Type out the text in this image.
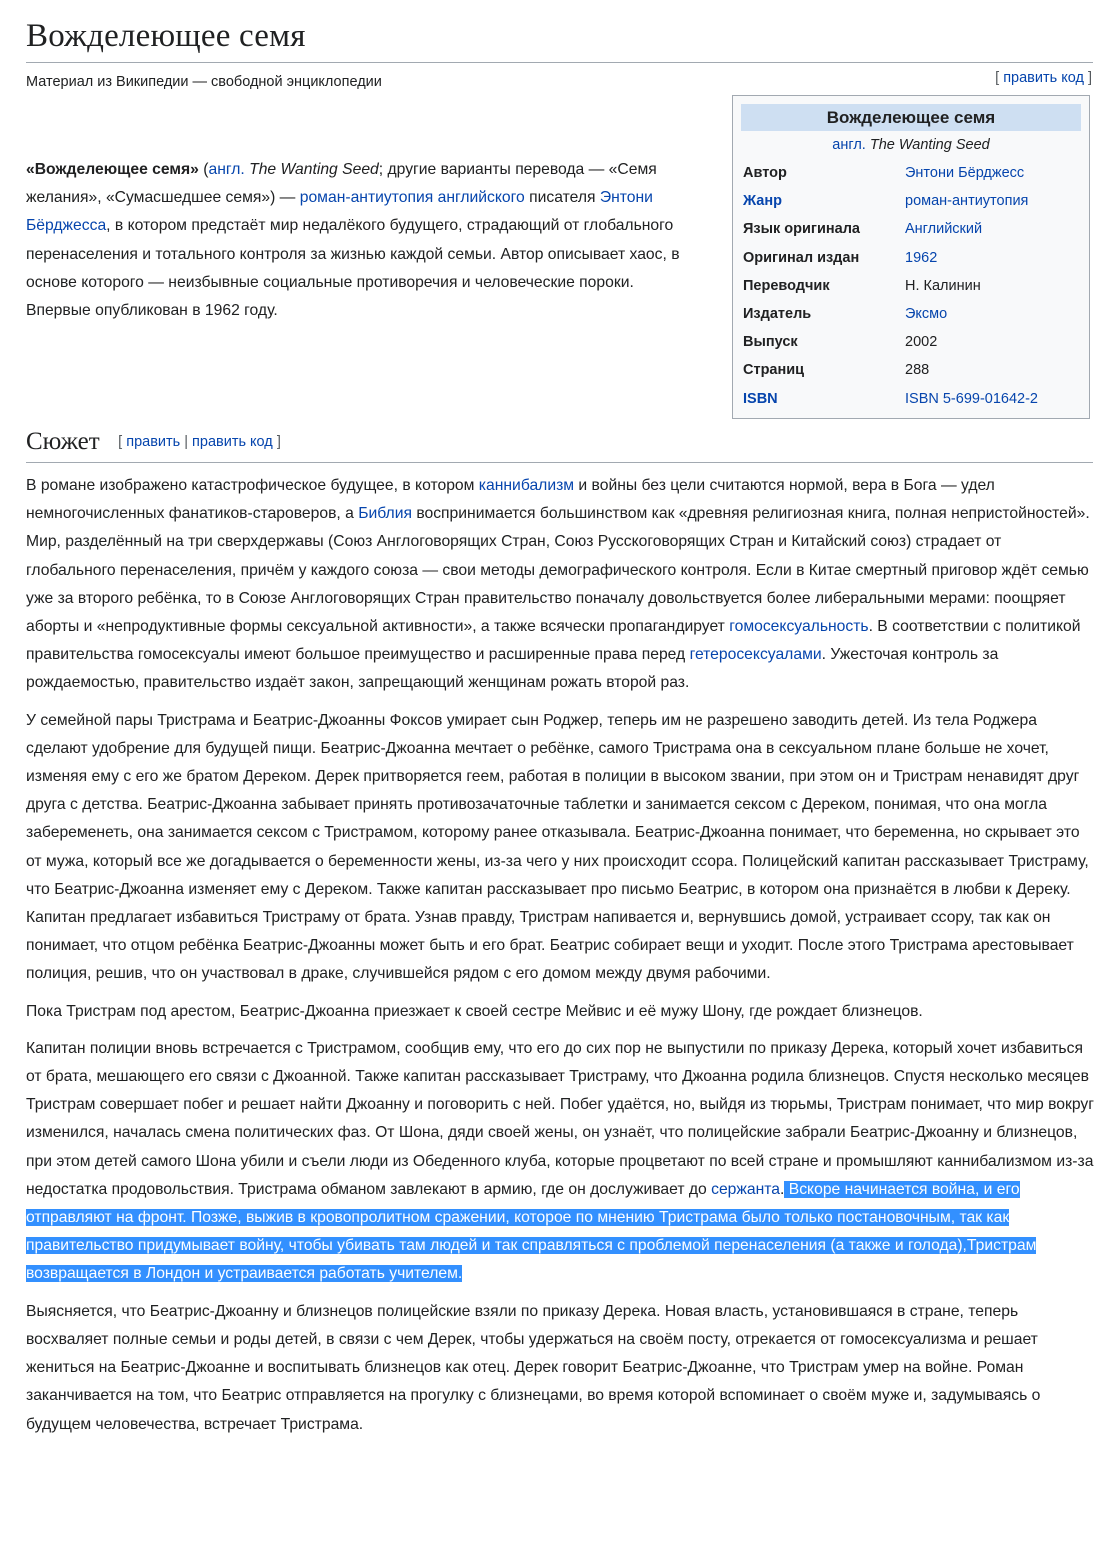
Вожделеющее семя
Материал из Википедии — свободной энциклопедии	[ править код ]
Вожделеющее семя
англ. The Wanting Seed
Автор	Энтони Бёрджесс
Жанр	роман-антиутопия
Язык оригинала	Английский
Оригинал издан	1962
Переводчик	Н. Калинин
Издатель	Эксмо
Выпуск	2002
Страниц	288
ISBN	ISBN 5-699-01642-2

«Вожделеющее семя» (англ. The Wanting Seed; другие варианты перевода — «Семя желания», «Сумасшедшее семя») — роман-антиутопия английского писателя Энтони Бёрджесса, в котором предстаёт мир недалёкого будущего, страдающий от глобального перенаселения и тотального контроля за жизнью каждой семьи. Автор описывает хаос, в основе которого — неизбывные социальные противоречия и человеческие пороки. Впервые опубликован в 1962 году.

Сюжет [ править | править код ]

В романе изображено катастрофическое будущее, в котором каннибализм и войны без цели считаются нормой, вера в Бога — удел немногочисленных фанатиков-староверов, а Библия воспринимается большинством как «древняя религиозная книга, полная непристойностей». Мир, разделённый на три сверхдержавы (Союз Англоговорящих Стран, Союз Русскоговорящих Стран и Китайский союз) страдает от глобального перенаселения, причём у каждого союза — свои методы демографического контроля. Если в Китае смертный приговор ждёт семью уже за второго ребёнка, то в Союзе Англоговорящих Стран правительство поначалу довольствуется более либеральными мерами: поощряет аборты и «непродуктивные формы сексуальной активности», а также всячески пропагандирует гомосексуальность. В соответствии с политикой правительства гомосексуалы имеют большое преимущество и расширенные права перед гетеросексуалами. Ужесточая контроль за рождаемостью, правительство издаёт закон, запрещающий женщинам рожать второй раз.

У семейной пары Тристрама и Беатрис-Джоанны Фоксов умирает сын Роджер, теперь им не разрешено заводить детей. Из тела Роджера сделают удобрение для будущей пищи. Беатрис-Джоанна мечтает о ребёнке, самого Тристрама она в сексуальном плане больше не хочет, изменяя ему с его же братом Дереком. Дерек притворяется геем, работая в полиции в высоком звании, при этом он и Тристрам ненавидят друг друга с детства. Беатрис-Джоанна забывает принять противозачаточные таблетки и занимается сексом с Дереком, понимая, что она могла забеременеть, она занимается сексом с Тристрамом, которому ранее отказывала. Беатрис-Джоанна понимает, что беременна, но скрывает это от мужа, который все же догадывается о беременности жены, из-за чего у них происходит ссора. Полицейский капитан рассказывает Тристраму, что Беатрис-Джоанна изменяет ему с Дереком. Также капитан рассказывает про письмо Беатрис, в котором она признаётся в любви к Дереку. Капитан предлагает избавиться Тристраму от брата. Узнав правду, Тристрам напивается и, вернувшись домой, устраивает ссору, так как он понимает, что отцом ребёнка Беатрис-Джоанны может быть и его брат. Беатрис собирает вещи и уходит. После этого Тристрама арестовывает полиция, решив, что он участвовал в драке, случившейся рядом с его домом между двумя рабочими.

Пока Тристрам под арестом, Беатрис-Джоанна приезжает к своей сестре Мейвис и её мужу Шону, где рождает близнецов.

Капитан полиции вновь встречается с Тристрамом, сообщив ему, что его до сих пор не выпустили по приказу Дерека, который хочет избавиться от брата, мешающего его связи с Джоанной. Также капитан рассказывает Тристраму, что Джоанна родила близнецов. Спустя несколько месяцев Тристрам совершает побег и решает найти Джоанну и поговорить с ней. Побег удаётся, но, выйдя из тюрьмы, Тристрам понимает, что мир вокруг изменился, началась смена политических фаз. От Шона, дяди своей жены, он узнаёт, что полицейские забрали Беатрис-Джоанну и близнецов, при этом детей самого Шона убили и съели люди из Обеденного клуба, которые процветают по всей стране и промышляют каннибализмом из-за недостатка продовольствия. Тристрама обманом завлекают в армию, где он дослуживает до сержанта. Вскоре начинается война, и его отправляют на фронт. Позже, выжив в кровопролитном сражении, которое по мнению Тристрама было только постановочным, так как правительство придумывает войну, чтобы убивать там людей и так справляться с проблемой перенаселения (а также и голода),Тристрам возвращается в Лондон и устраивается работать учителем.

Выясняется, что Беатрис-Джоанну и близнецов полицейские взяли по приказу Дерека. Новая власть, установившаяся в стране, теперь восхваляет полные семьи и роды детей, в связи с чем Дерек, чтобы удержаться на своём посту, отрекается от гомосексуализма и решает жениться на Беатрис-Джоанне и воспитывать близнецов как отец. Дерек говорит Беатрис-Джоанне, что Тристрам умер на войне. Роман заканчивается на том, что Беатрис отправляется на прогулку с близнецами, во время которой вспоминает о своём муже и, задумываясь о будущем человечества, встречает Тристрама.
